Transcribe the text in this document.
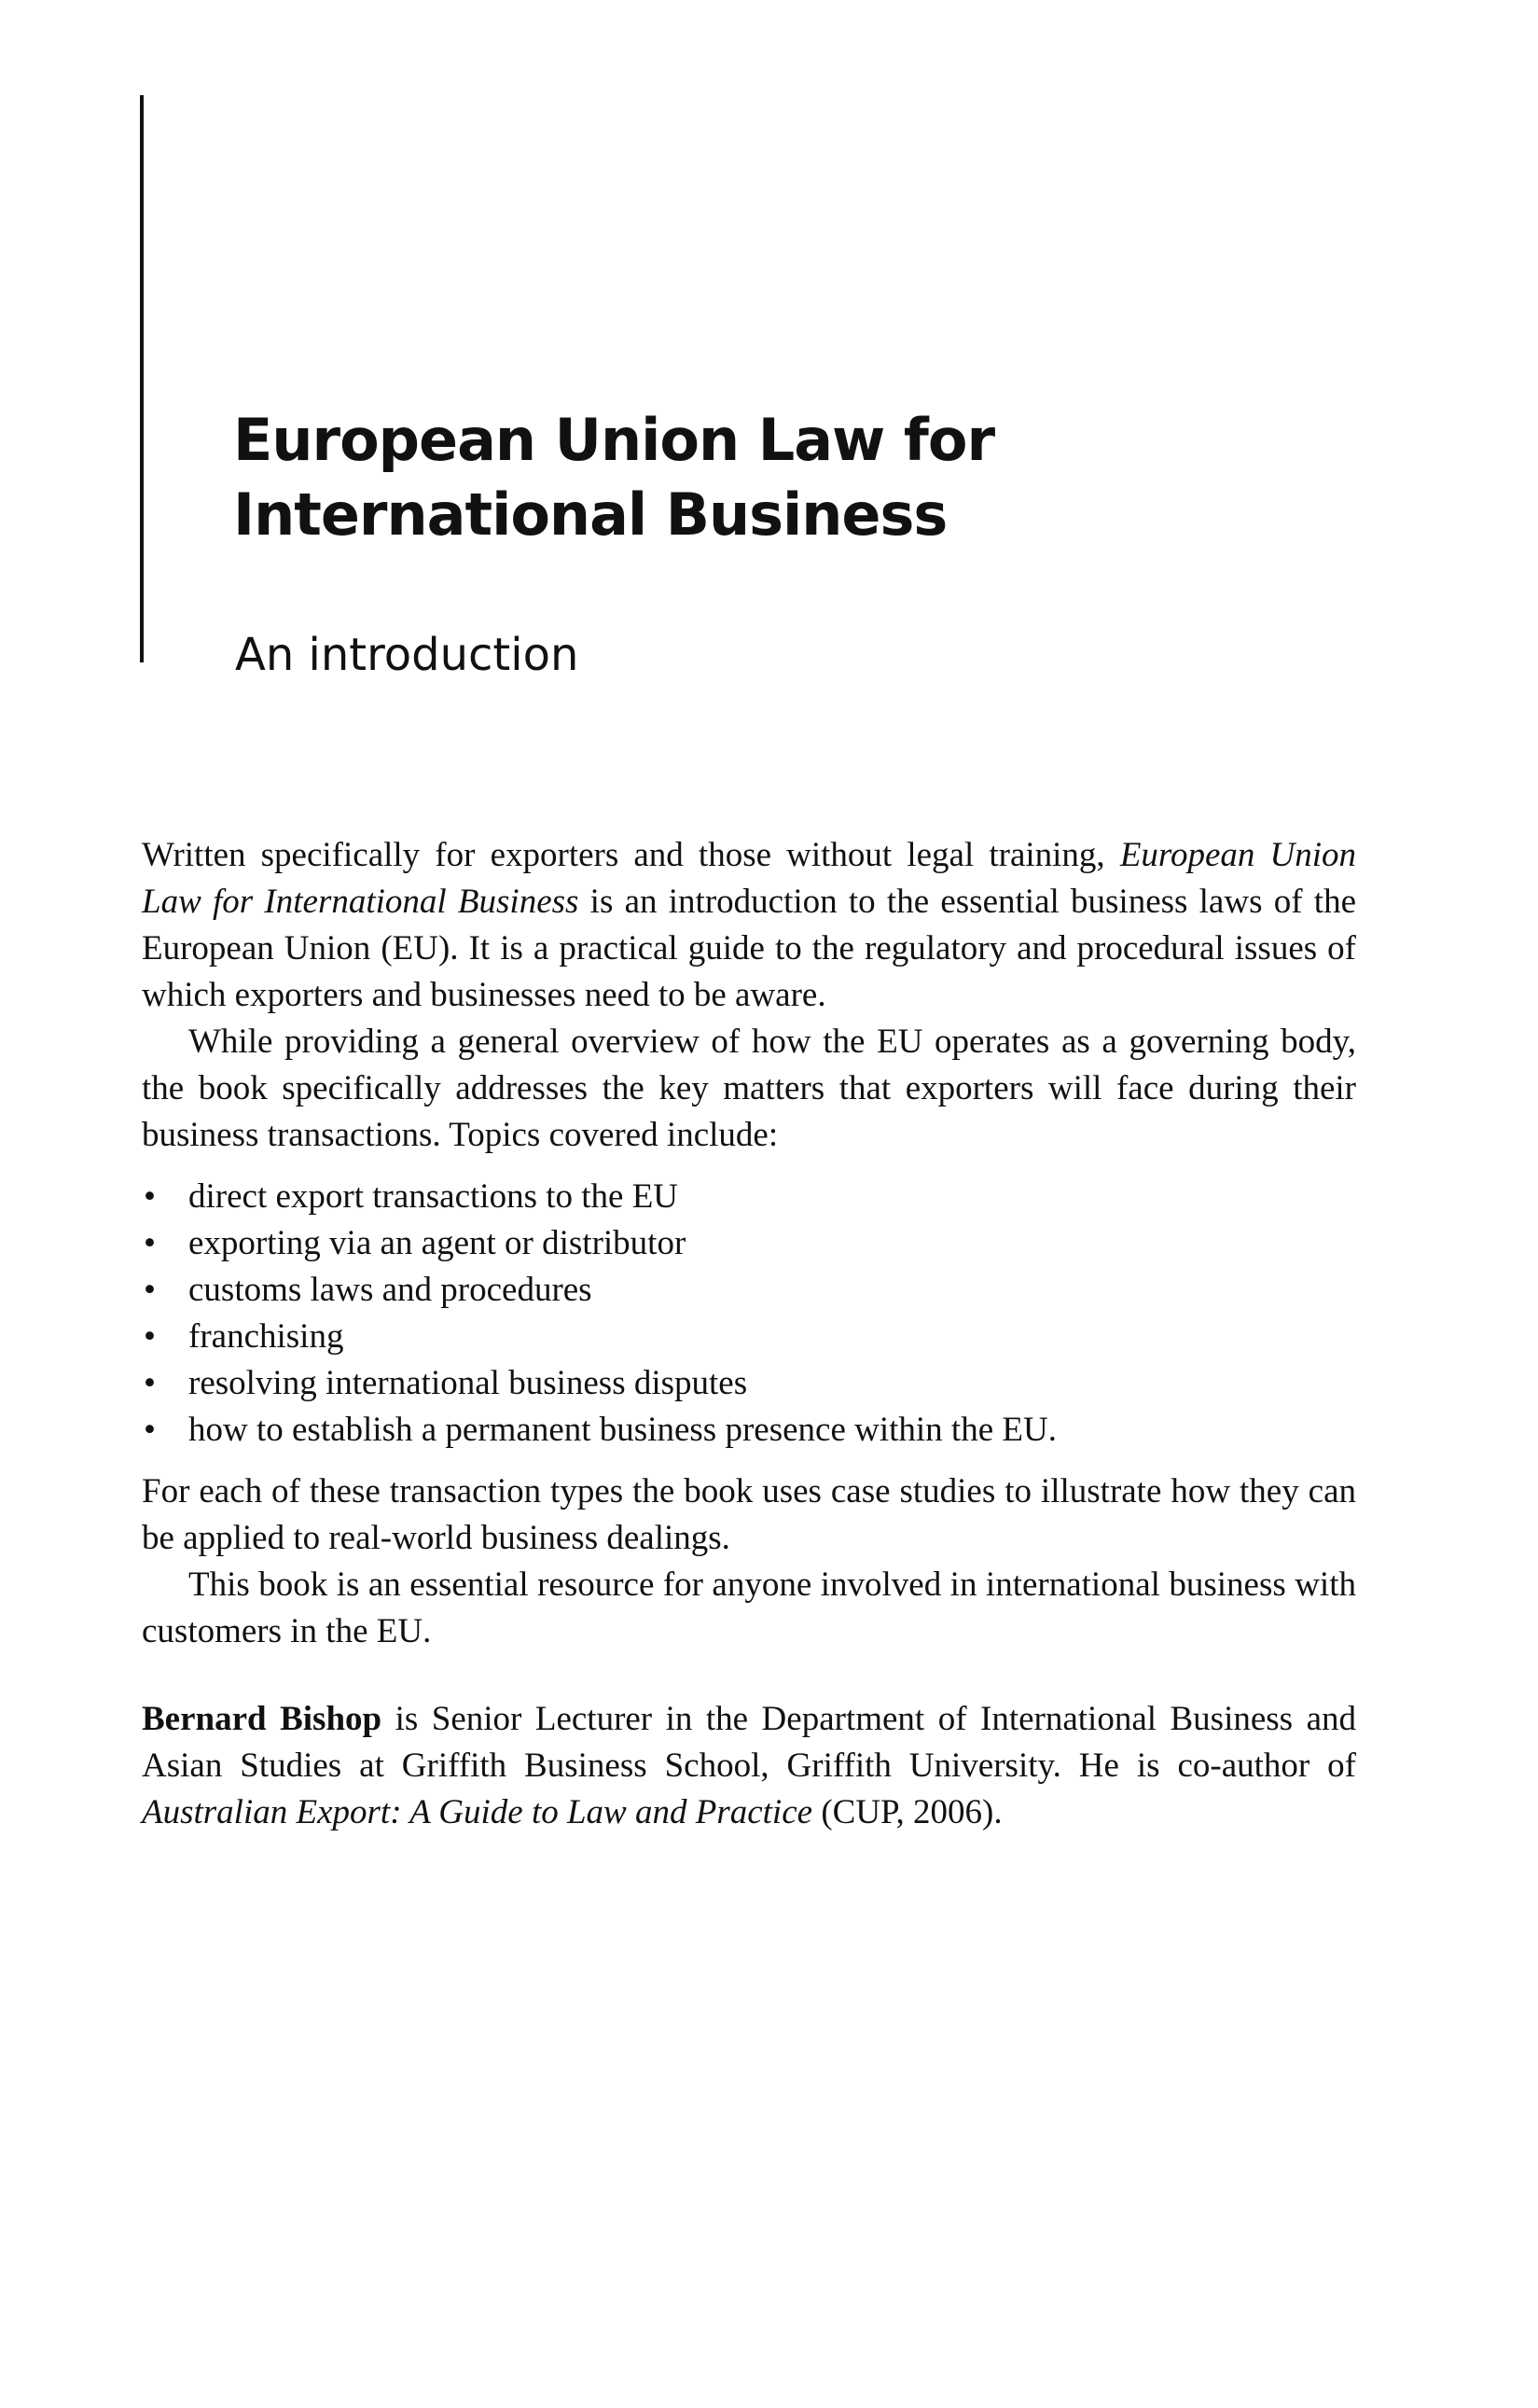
European Union Law for
International Business
An introduction

Written specifically for exporters and those without legal training, European Union Law for International Business is an introduction to the essential business laws of the European Union (EU). It is a practical guide to the regulatory and procedural issues of which exporters and businesses need to be aware.

While providing a general overview of how the EU operates as a governing body, the book specifically addresses the key matters that exporters will face during their business transactions. Topics covered include:

• direct export transactions to the EU
• exporting via an agent or distributor
• customs laws and procedures
• franchising
• resolving international business disputes
• how to establish a permanent business presence within the EU.

For each of these transaction types the book uses case studies to illustrate how they can be applied to real-world business dealings.

This book is an essential resource for anyone involved in international business with customers in the EU.

Bernard Bishop is Senior Lecturer in the Department of International Business and Asian Studies at Griffith Business School, Griffith University. He is co-author of Australian Export: A Guide to Law and Practice (CUP, 2006).
